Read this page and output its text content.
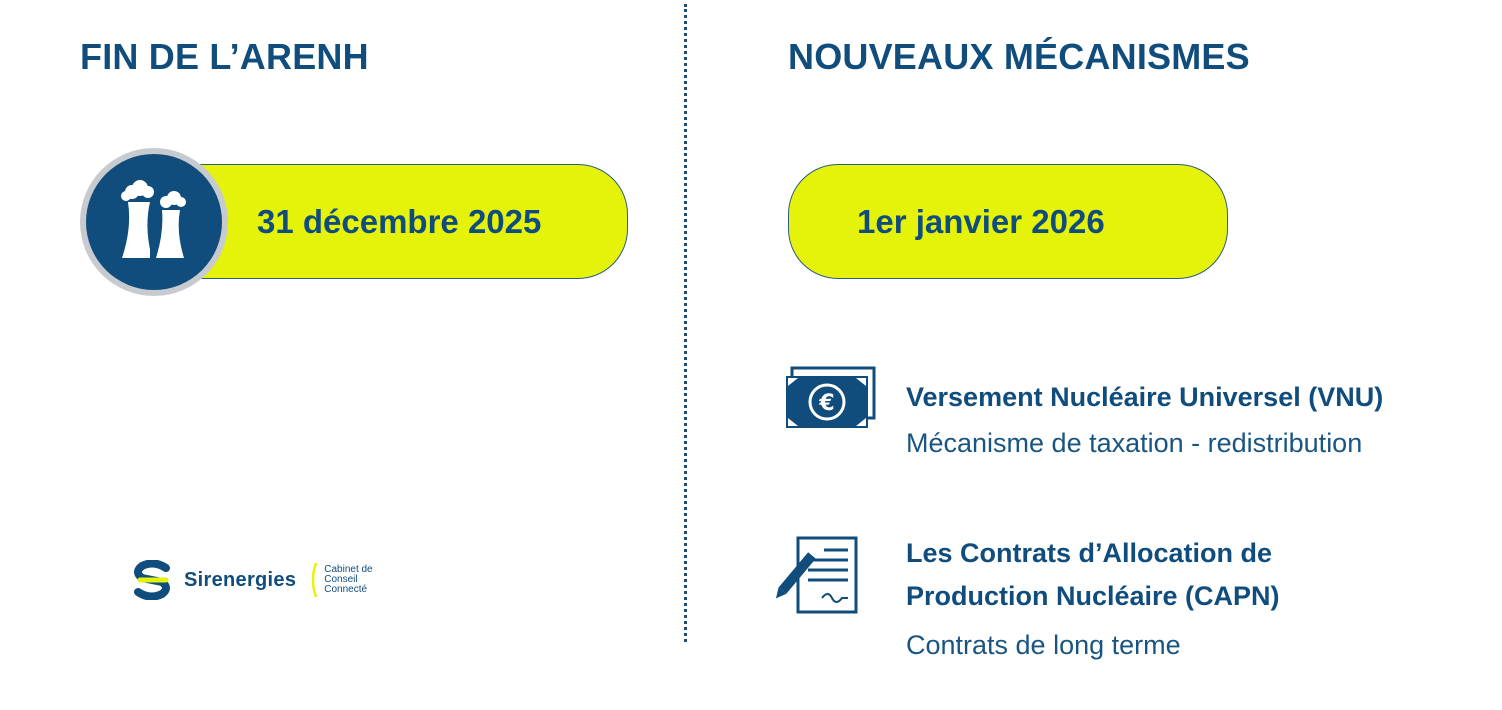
FIN DE L’ARENH	NOUVEAUX MÉCANISMES
31 décembre 2025	1er janvier 2026
€	Versement Nucléaire Universel (VNU)
Mécanisme de taxation - redistribution
Les Contrats d’Allocation de
Production Nucléaire (CAPN)
Contrats de long terme
Sirenergies	Cabinet de
Conseil
Connecté
